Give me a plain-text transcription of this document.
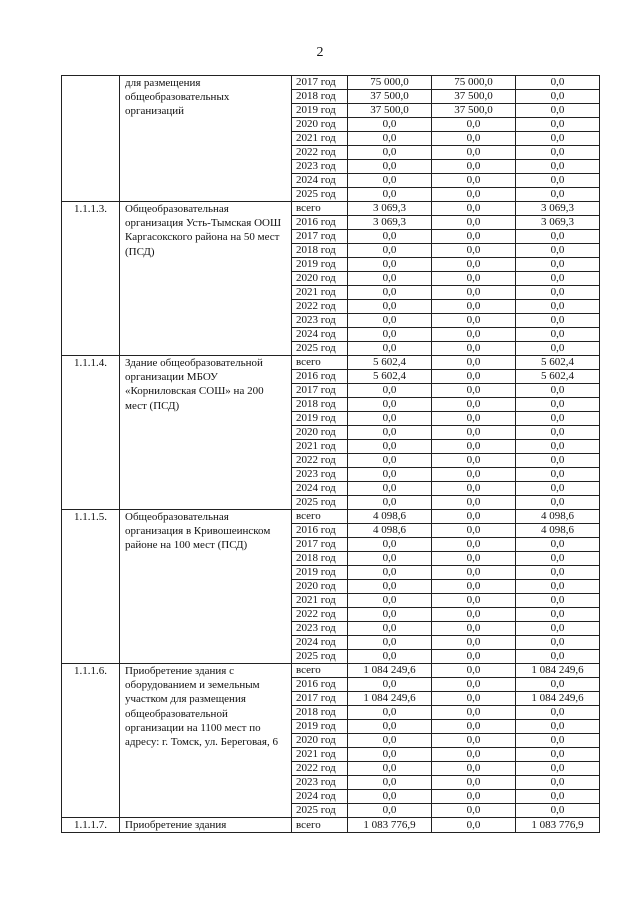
2
	для размещения общеобразовательных организаций	2017 год	75 000,0	75 000,0	0,0
		2018 год	37 500,0	37 500,0	0,0
		2019 год	37 500,0	37 500,0	0,0
		2020 год	0,0	0,0	0,0
		2021 год	0,0	0,0	0,0
		2022 год	0,0	0,0	0,0
		2023 год	0,0	0,0	0,0
		2024 год	0,0	0,0	0,0
		2025 год	0,0	0,0	0,0
1.1.1.3.	Общеобразовательная организация Усть-Тымская ООШ Каргасокского района на 50 мест (ПСД)	всего	3 069,3	0,0	3 069,3
		2016 год	3 069,3	0,0	3 069,3
		2017 год	0,0	0,0	0,0
		2018 год	0,0	0,0	0,0
		2019 год	0,0	0,0	0,0
		2020 год	0,0	0,0	0,0
		2021 год	0,0	0,0	0,0
		2022 год	0,0	0,0	0,0
		2023 год	0,0	0,0	0,0
		2024 год	0,0	0,0	0,0
		2025 год	0,0	0,0	0,0
1.1.1.4.	Здание общеобразовательной организации МБОУ «Корниловская СОШ» на 200 мест (ПСД)	всего	5 602,4	0,0	5 602,4
		2016 год	5 602,4	0,0	5 602,4
		2017 год	0,0	0,0	0,0
		2018 год	0,0	0,0	0,0
		2019 год	0,0	0,0	0,0
		2020 год	0,0	0,0	0,0
		2021 год	0,0	0,0	0,0
		2022 год	0,0	0,0	0,0
		2023 год	0,0	0,0	0,0
		2024 год	0,0	0,0	0,0
		2025 год	0,0	0,0	0,0
1.1.1.5.	Общеобразовательная организация в Кривошеинском районе на 100 мест (ПСД)	всего	4 098,6	0,0	4 098,6
		2016 год	4 098,6	0,0	4 098,6
		2017 год	0,0	0,0	0,0
		2018 год	0,0	0,0	0,0
		2019 год	0,0	0,0	0,0
		2020 год	0,0	0,0	0,0
		2021 год	0,0	0,0	0,0
		2022 год	0,0	0,0	0,0
		2023 год	0,0	0,0	0,0
		2024 год	0,0	0,0	0,0
		2025 год	0,0	0,0	0,0
1.1.1.6.	Приобретение здания с оборудованием и земельным участком для размещения общеобразовательной организации на 1100 мест по адресу: г. Томск, ул. Береговая, 6	всего	1 084 249,6	0,0	1 084 249,6
		2016 год	0,0	0,0	0,0
		2017 год	1 084 249,6	0,0	1 084 249,6
		2018 год	0,0	0,0	0,0
		2019 год	0,0	0,0	0,0
		2020 год	0,0	0,0	0,0
		2021 год	0,0	0,0	0,0
		2022 год	0,0	0,0	0,0
		2023 год	0,0	0,0	0,0
		2024 год	0,0	0,0	0,0
		2025 год	0,0	0,0	0,0
1.1.1.7.	Приобретение здания	всего	1 083 776,9	0,0	1 083 776,9
